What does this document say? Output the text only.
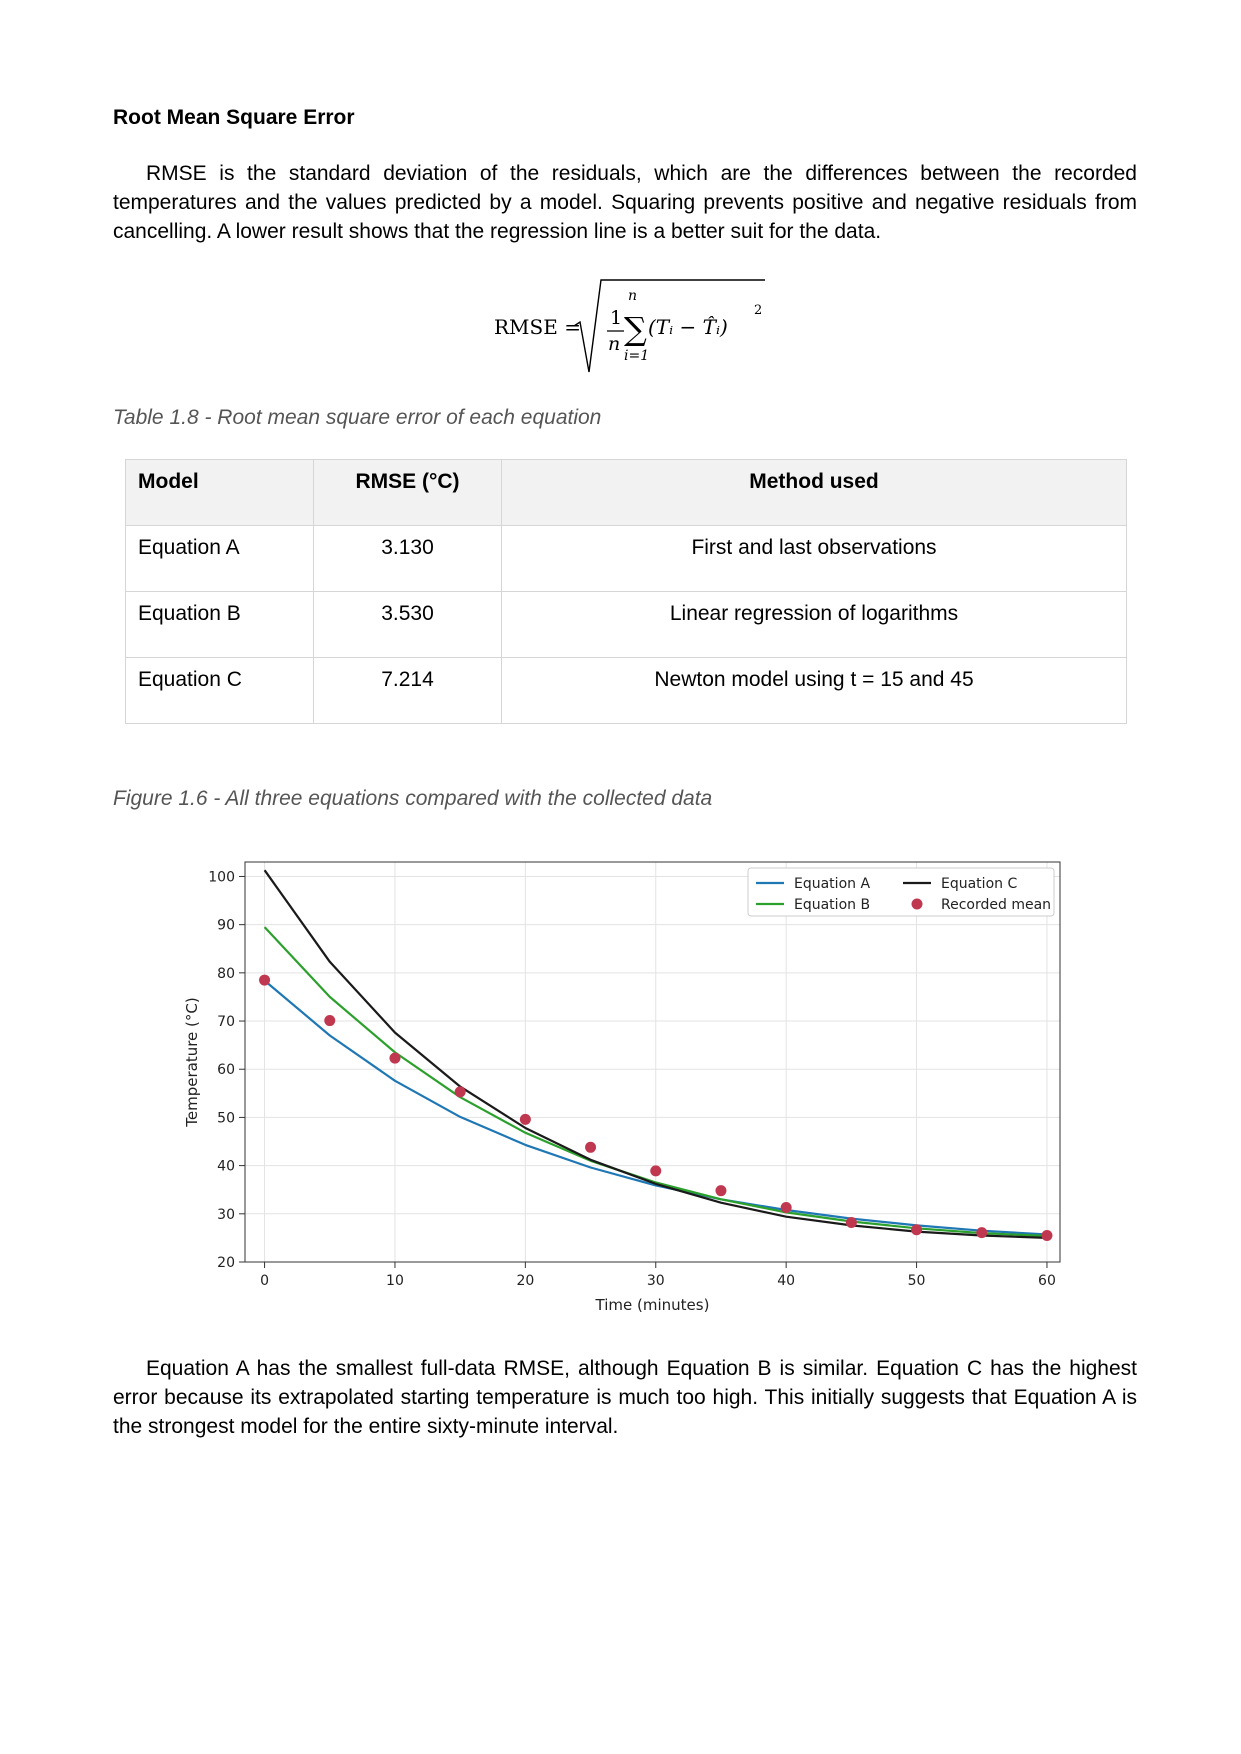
Root Mean Square Error

RMSE is the standard deviation of the residuals, which are the differences between the recorded temperatures and the values predicted by a model. Squaring prevents positive and negative residuals from cancelling. A lower result shows that the regression line is a better suit for the data.

RMSE = 1
n
n
∑
i=1
(Tᵢ − T̂ᵢ)
2

Table 1.8 - Root mean square error of each equation

Model	RMSE (°C)	Method used
Equation A	3.130	First and last observations
Equation B	3.530	Linear regression of logarithms
Equation C	7.214	Newton model using t = 15 and 45

Figure 1.6 - All three equations compared with the collected data

0	10	20	30	40	50	60
20
30
40
50
60
70
80
90
100
Time (minutes)
Temperature (°C)
Equation A
Equation B
Equation C
Recorded mean

Equation A has the smallest full-data RMSE, although Equation B is similar. Equation C has the highest error because its extrapolated starting temperature is much too high. This initially suggests that Equation A is the strongest model for the entire sixty-minute interval.
